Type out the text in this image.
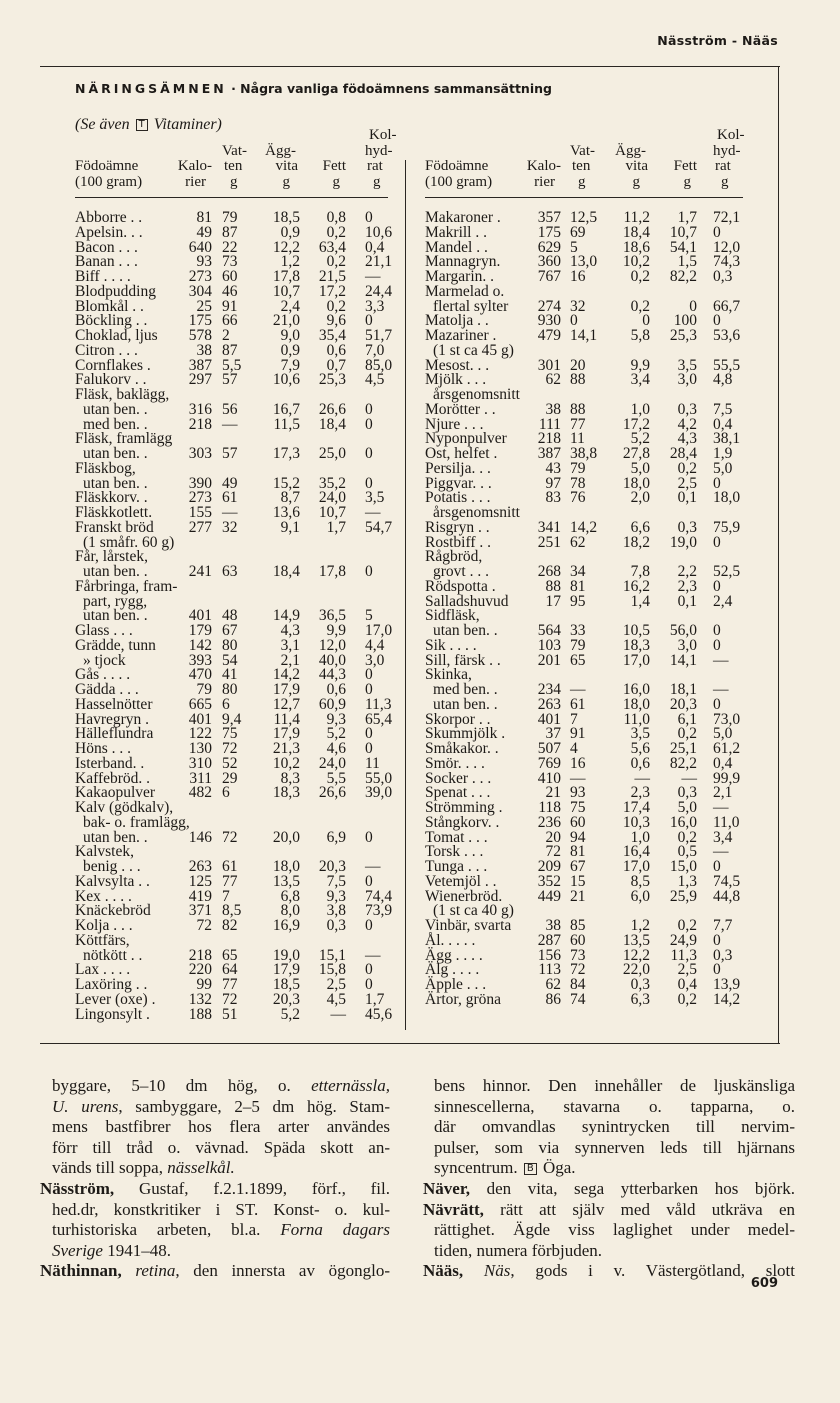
Näsström - Nääs
NÄRINGSÄMNEN · Några vanliga födoämnens sammansättning
(Se även T Vitaminer)
Kol-
Vat- Ägg-	hyd-
Födoämne	Kalo- ten vita Fett rat
(100 gram)	rier g	g	g g
Kol-
Vat- Ägg-	hyd-
Födoämne	Kalo- ten vita Fett rat
(100 gram)	rier g	g	g g
Abborre . .	81 79 18,5 0,8 0
Apelsin. . .	49 87	0,9 0,2 10,6
Bacon . . .	640 22 12,2 63,4 0,4
Banan . . .	93 73	1,2 0,2 21,1
Biff . . . .	273 60 17,8 21,5 —
Blodpudding 304 46 10,7 17,2 24,4
Blomkål . .	25 91	2,4 0,2 3,3
Böckling . .	175 66 21,0 9,6 0
Choklad, ljus 578 2	9,0 35,4 51,7
Citron . . .	38 87	0,9 0,6 7,0
Cornflakes . 387 5,5	7,9 0,7 85,0
Falukorv . .	297 57 10,6 25,3 4,5
Fläsk, baklägg,
utan ben. .	316 56 16,7 26,6 0
med ben. .	218 — 11,5 18,4 0
Fläsk, framlägg
utan ben. .	303 57 17,3 25,0 0
Fläskbog,
utan ben. .	390 49 15,2 35,2 0
Fläskkorv. .	273 61	8,7 24,0 3,5
Fläskkotlett. 155 — 13,6 10,7 —
Franskt bröd 277 32	9,1 1,7 54,7
(1 småfr. 60 g)
Får, lårstek,
utan ben. .	241 63 18,4 17,8 0
Fårbringa, fram-
part, rygg,
utan ben. .	401 48 14,9 36,5 5
Glass . . .	179 67	4,3 9,9 17,0
Grädde, tunn 142 80	3,1 12,0 4,4
» tjock	393 54	2,1 40,0 3,0
Gås . . . .	470 41 14,2 44,3 0
Gädda . . .	79 80 17,9 0,6 0
Hasselnötter 665 6	12,7 60,9 11,3
Havregryn .	401 9,4 11,4 9,3 65,4
Hälleflundra 122 75 17,9 5,2 0
Höns . . .	130 72 21,3 4,6 0
Isterband. .	310 52 10,2 24,0 11
Kaffebröd. .	311 29	8,3 5,5 55,0
Kakaopulver 482 6	18,3 26,6 39,0
Kalv (gödkalv),
bak- o. framlägg,
utan ben. .	146 72 20,0 6,9 0
Kalvstek,
benig . . .	263 61 18,0 20,3 —
Kalvsylta . .	125 77 13,5 7,5 0
Kex . . . .	419 7	6,8 9,3 74,4
Knäckebröd 371 8,5	8,0 3,8 73,9
Kolja . . .	72 82 16,9 0,3 0
Köttfärs,
nötkött . .	218 65 19,0 15,1 —
Lax . . . .	220 64 17,9 15,8 0
Laxöring . .	99 77 18,5 2,5 0
Lever (oxe) . 132 72 20,3 4,5 1,7
Lingonsylt .	188 51	5,2 — 45,6
Makaroner . 357 12,5 11,2 1,7 72,1
Makrill . .	175 69 18,4 10,7 0
Mandel . .	629 5	18,6 54,1 12,0
Mannagryn. 360 13,0 10,2 1,5 74,3
Margarin. .	767 16	0,2 82,2 0,3
Marmelad o.
flertal sylter 274 32	0,2	0 66,7
Matolja . .	930 0	0 100 0
Mazariner .	479 14,1 5,8 25,3 53,6
(1 st ca 45 g)
Mesost. . .	301 20	9,9 3,5 55,5
Mjölk . . .	62 88	3,4 3,0 4,8
årsgenomsnitt
Morötter . .	38 88	1,0 0,3 7,5
Njure . . .	111 77 17,2 4,2 0,4
Nyponpulver 218 11	5,2 4,3 38,1
Ost, helfet .	387 38,8 27,8 28,4 1,9
Persilja. . .	43 79	5,0 0,2 5,0
Piggvar. . .	97 78 18,0 2,5 0
Potatis . . .	83 76	2,0 0,1 18,0
årsgenomsnitt
Risgryn . .	341 14,2 6,6 0,3 75,9
Rostbiff . .	251 62 18,2 19,0 0
Rågbröd,
grovt . . .	268 34	7,8 2,2 52,5
Rödspotta .	88 81 16,2 2,3 0
Salladshuvud 17 95	1,4 0,1 2,4
Sidfläsk,
utan ben. .	564 33 10,5 56,0 0
Sik . . . .	103 79 18,3 3,0 0
Sill, färsk . . 201 65 17,0 14,1 —
Skinka,
med ben. .	234 — 16,0 18,1 —
utan ben. .	263 61 18,0 20,3 0
Skorpor . .	401 7	11,0 6,1 73,0
Skummjölk .	37 91	3,5 0,2 5,0
Småkakor. .	507 4	5,6 25,1 61,2
Smör. . . .	769 16	0,6 82,2 0,4
Socker . . .	410 —	— — 99,9
Spenat . . .	21 93	2,3 0,3 2,1
Strömming . 118 75 17,4 5,0 —
Stångkorv. . 236 60 10,3 16,0 11,0
Tomat . . .	20 94	1,0 0,2 3,4
Torsk . . .	72 81 16,4 0,5 —
Tunga . . .	209 67 17,0 15,0 0
Vetemjöl . .	352 15	8,5 1,3 74,5
Wienerbröd. 449 21	6,0 25,9 44,8
(1 st ca 40 g)
Vinbär, svarta 38 85	1,2 0,2 7,7
Ål. . . . .	287 60 13,5 24,9 0
Ägg . . . .	156 73 12,2 11,3 0,3
Älg . . . .	113 72 22,0 2,5 0
Äpple . . .	62 84	0,3 0,4 13,9
Ärtor, gröna	86 74	6,3 0,2 14,2
byggare, 5–10 dm hög, o. etternässla,
U. urens, sambyggare, 2–5 dm hög. Stam-
mens bastfibrer hos flera arter användes
förr till tråd o. vävnad. Späda skott an-
vänds till soppa, nässelkål.
Näsström, Gustaf, f.2.1.1899, förf., fil.
hed.dr, konstkritiker i ST. Konst- o. kul-
turhistoriska arbeten, bl.a. Forna dagars
Sverige 1941–48.
Näthinnan, retina, den innersta av ögonglo-
bens hinnor. Den innehåller de ljuskänsliga
sinnescellerna, stavarna o. tapparna, o.
där omvandlas synintrycken till nervim-
pulser, som via synnerven leds till hjärnans
syncentrum. B Öga.
Näver, den vita, sega ytterbarken hos björk.
Nävrätt, rätt att själv med våld utkräva en
rättighet. Ägde viss laglighet under medel-
tiden, numera förbjuden.
Nääs, Näs, gods i v. Västergötland, slott
609
